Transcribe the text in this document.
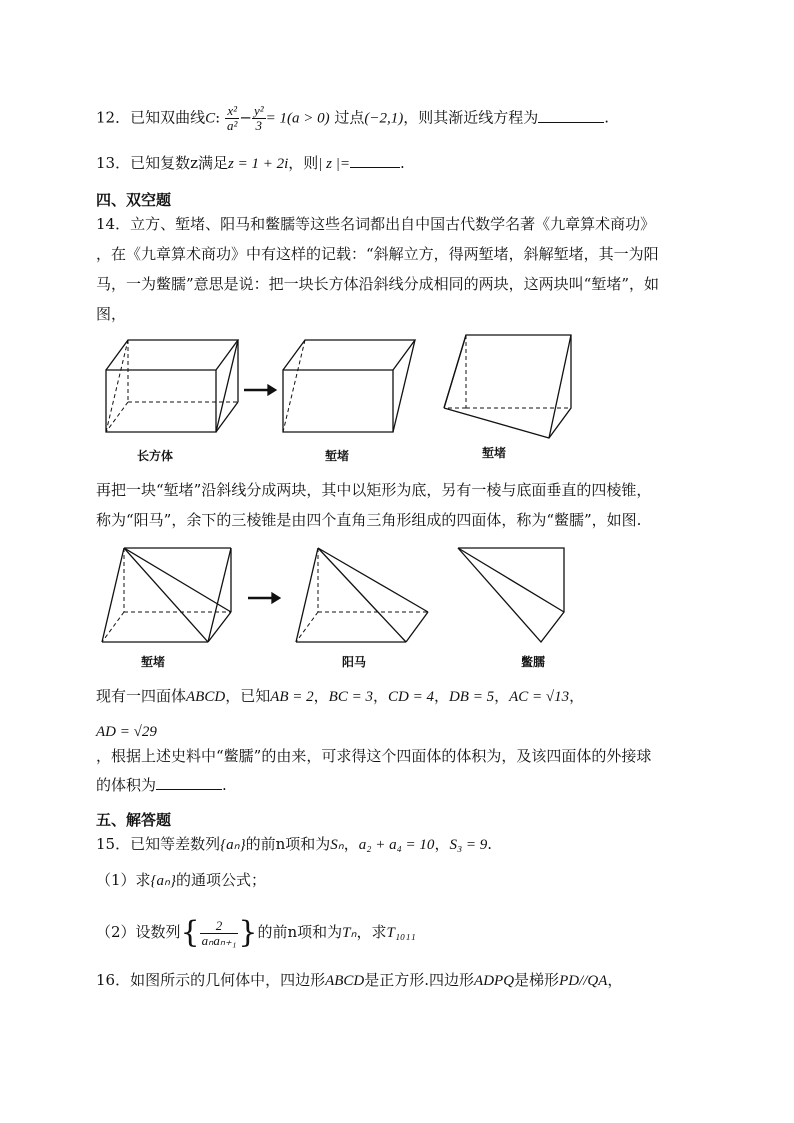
12．已知双曲线C: $\frac{\text{x²}}{\text{a²}} - \frac{\text{y²}}{3} = 1(a > 0)$ 过点(−2,1)，则其渐近线方程为	.
13．已知复数z满足z = 1 + 2i，则| z |=	.
四、双空题
14．立方、堑堵、阳马和鳖臑等这些名词都出自中国古代数学名著《九章算术商功》
，在《九章算术商功》中有这样的记载：“斜解立方，得两堑堵，斜解堑堵，其一为阳
马，一为鳖臑”意思是说：把一块长方体沿斜线分成相同的两块，这两块叫“堑堵”，如
图，
长方体	堑堵	堑堵
再把一块“堑堵”沿斜线分成两块，其中以矩形为底，另有一棱与底面垂直的四棱锥，
称为“阳马”，余下的三棱锥是由四个直角三角形组成的四面体，称为“鳖臑”，如图.
堑堵	阳马	鳖臑
现有一四面体ABCD，已知AB = 2，BC = 3，CD = 4，DB = 5，AC = √13，
AD = √29
，根据上述史料中“鳖臑”的由来，可求得这个四面体的体积为，及该四面体的外接球
的体积为	.
五、解答题
15．已知等差数列{aₙ}的前n项和为Sₙ，a₂ + a₄ = 10，S₃ = 9.
（1）求{aₙ}的通项公式；
（2）设数列 { $\frac{2}{\text{aₙaₙ₊₁}}$ } 的前n项和为Tₙ，求T₁₀₁₁
16．如图所示的几何体中，四边形ABCD是正方形.四边形ADPQ是梯形PD//QA，
